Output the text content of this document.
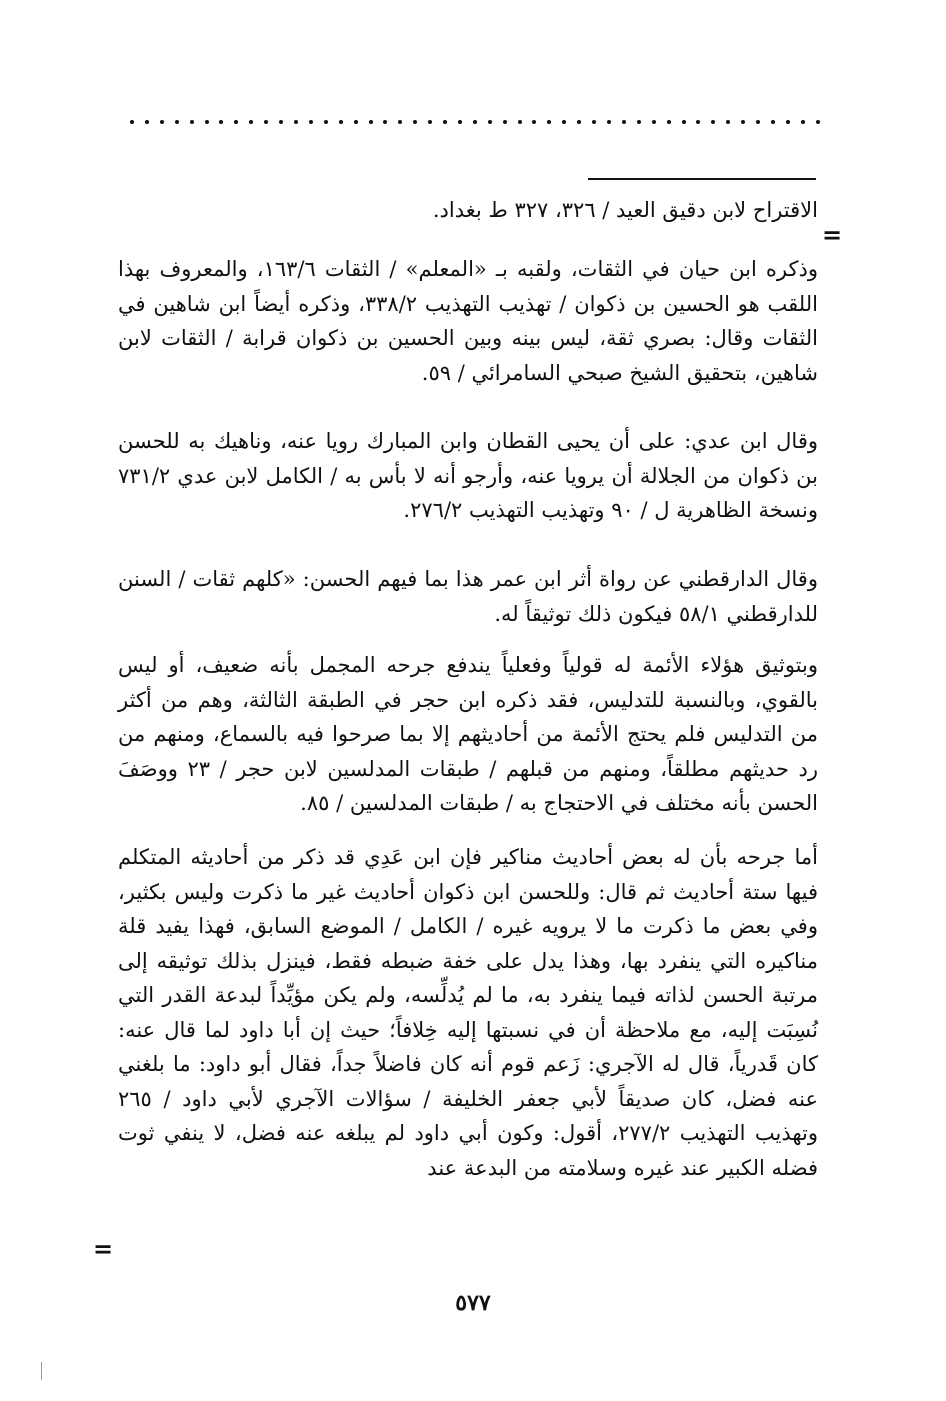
الاقتراح لابن دقيق العيد / ٣٢٦، ٣٢٧ ط بغداد.

=

وذكره ابن حيان في الثقات، ولقبه بـ «المعلم» / الثقات ١٦٣/٦، والمعروف بهذا اللقب هو الحسين بن ذكوان / تهذيب التهذيب ٣٣٨/٢، وذكره أيضاً ابن شاهين في الثقات وقال: بصري ثقة، ليس بينه وبين الحسين بن ذكوان قرابة / الثقات لابن شاهين، بتحقيق الشيخ صبحي السامرائي / ٥٩.

وقال ابن عدي: على أن يحيى القطان وابن المبارك رويا عنه، وناهيك به للحسن بن ذكوان من الجلالة أن يرويا عنه، وأرجو أنه لا بأس به / الكامل لابن عدي ٧٣١/٢ ونسخة الظاهرية ل / ٩٠ وتهذيب التهذيب ٢٧٦/٢.

وقال الدارقطني عن رواة أثر ابن عمر هذا بما فيهم الحسن: «كلهم ثقات / السنن للدارقطني ٥٨/١ فيكون ذلك توثيقاً له.

وبتوثيق هؤلاء الأئمة له قولياً وفعلياً يندفع جرحه المجمل بأنه ضعيف، أو ليس بالقوي، وبالنسبة للتدليس، فقد ذكره ابن حجر في الطبقة الثالثة، وهم من أكثر من التدليس فلم يحتج الأئمة من أحاديثهم إلا بما صرحوا فيه بالسماع، ومنهم من رد حديثهم مطلقاً، ومنهم من قبلهم / طبقات المدلسين لابن حجر / ٢٣ ووصَفَ الحسن بأنه مختلف في الاحتجاج به / طبقات المدلسين / ٨٥.

أما جرحه بأن له بعض أحاديث مناكير فإن ابن عَدِي قد ذكر من أحاديثه المتكلم فيها ستة أحاديث ثم قال: وللحسن ابن ذكوان أحاديث غير ما ذكرت وليس بكثير، وفي بعض ما ذكرت ما لا يرويه غيره / الكامل / الموضع السابق، فهذا يفيد قلة مناكيره التي ينفرد بها، وهذا يدل على خفة ضبطه فقط، فينزل بذلك توثيقه إلى مرتبة الحسن لذاته فيما ينفرد به، ما لم يُدلِّسه، ولم يكن مؤيِّداً لبدعة القدر التي نُسِبَت إليه، مع ملاحظة أن في نسبتها إليه خِلافاً؛ حيث إن أبا داود لما قال عنه: كان قَدرياً، قال له الآجري: زَعم قوم أنه كان فاضلاً جداً، فقال أبو داود: ما بلغني عنه فضل، كان صديقاً لأبي جعفر الخليفة / سؤالات الآجري لأبي داود / ٢٦٥ وتهذيب التهذيب ٢٧٧/٢، أقول: وكون أبي داود لم يبلغه عنه فضل، لا ينفي ثوت فضله الكبير عند غيره وسلامته من البدعة عند

=
٥٧٧
